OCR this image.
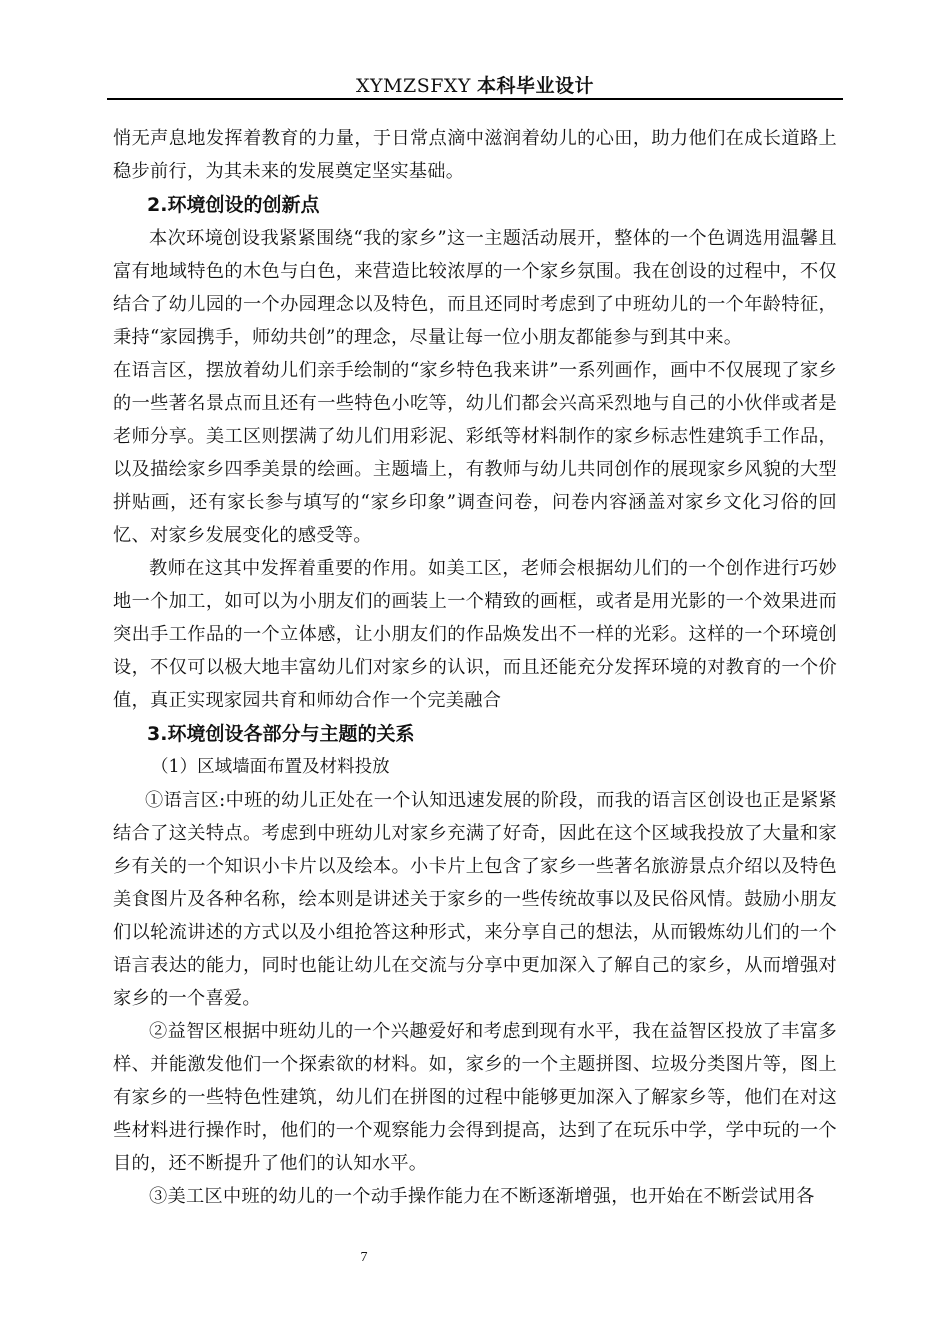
XYMZSFXY 本科毕业设计

悄无声息地发挥着教育的力量，于日常点滴中滋润着幼儿的心田，助力他们在成长道路上稳步前行，为其未来的发展奠定坚实基础。

2.环境创设的创新点

本次环境创设我紧紧围绕“我的家乡”这一主题活动展开，整体的一个色调选用温馨且富有地域特色的木色与白色，来营造比较浓厚的一个家乡氛围。我在创设的过程中，不仅结合了幼儿园的一个办园理念以及特色，而且还同时考虑到了中班幼儿的一个年龄特征，秉持“家园携手，师幼共创”的理念，尽量让每一位小朋友都能参与到其中来。

在语言区，摆放着幼儿们亲手绘制的“家乡特色我来讲”一系列画作，画中不仅展现了家乡的一些著名景点而且还有一些特色小吃等，幼儿们都会兴高采烈地与自己的小伙伴或者是老师分享。美工区则摆满了幼儿们用彩泥、彩纸等材料制作的家乡标志性建筑手工作品，以及描绘家乡四季美景的绘画。主题墙上，有教师与幼儿共同创作的展现家乡风貌的大型拼贴画，还有家长参与填写的“家乡印象”调查问卷，问卷内容涵盖对家乡文化习俗的回忆、对家乡发展变化的感受等。

教师在这其中发挥着重要的作用。如美工区，老师会根据幼儿们的一个创作进行巧妙地一个加工，如可以为小朋友们的画装上一个精致的画框，或者是用光影的一个效果进而突出手工作品的一个立体感，让小朋友们的作品焕发出不一样的光彩。这样的一个环境创设，不仅可以极大地丰富幼儿们对家乡的认识，而且还能充分发挥环境的对教育的一个价值，真正实现家园共育和师幼合作一个完美融合

3.环境创设各部分与主题的关系

（1）区域墙面布置及材料投放

①语言区:中班的幼儿正处在一个认知迅速发展的阶段，而我的语言区创设也正是紧紧结合了这关特点。考虑到中班幼儿对家乡充满了好奇，因此在这个区域我投放了大量和家乡有关的一个知识小卡片以及绘本。小卡片上包含了家乡一些著名旅游景点介绍以及特色美食图片及各种名称，绘本则是讲述关于家乡的一些传统故事以及民俗风情。鼓励小朋友们以轮流讲述的方式以及小组抢答这种形式，来分享自己的想法，从而锻炼幼儿们的一个语言表达的能力，同时也能让幼儿在交流与分享中更加深入了解自己的家乡，从而增强对家乡的一个喜爱。

②益智区根据中班幼儿的一个兴趣爱好和考虑到现有水平，我在益智区投放了丰富多样、并能激发他们一个探索欲的材料。如，家乡的一个主题拼图、垃圾分类图片等，图上有家乡的一些特色性建筑，幼儿们在拼图的过程中能够更加深入了解家乡等，他们在对这些材料进行操作时，他们的一个观察能力会得到提高，达到了在玩乐中学，学中玩的一个目的，还不断提升了他们的认知水平。

③美工区中班的幼儿的一个动手操作能力在不断逐渐增强，也开始在不断尝试用各

7
